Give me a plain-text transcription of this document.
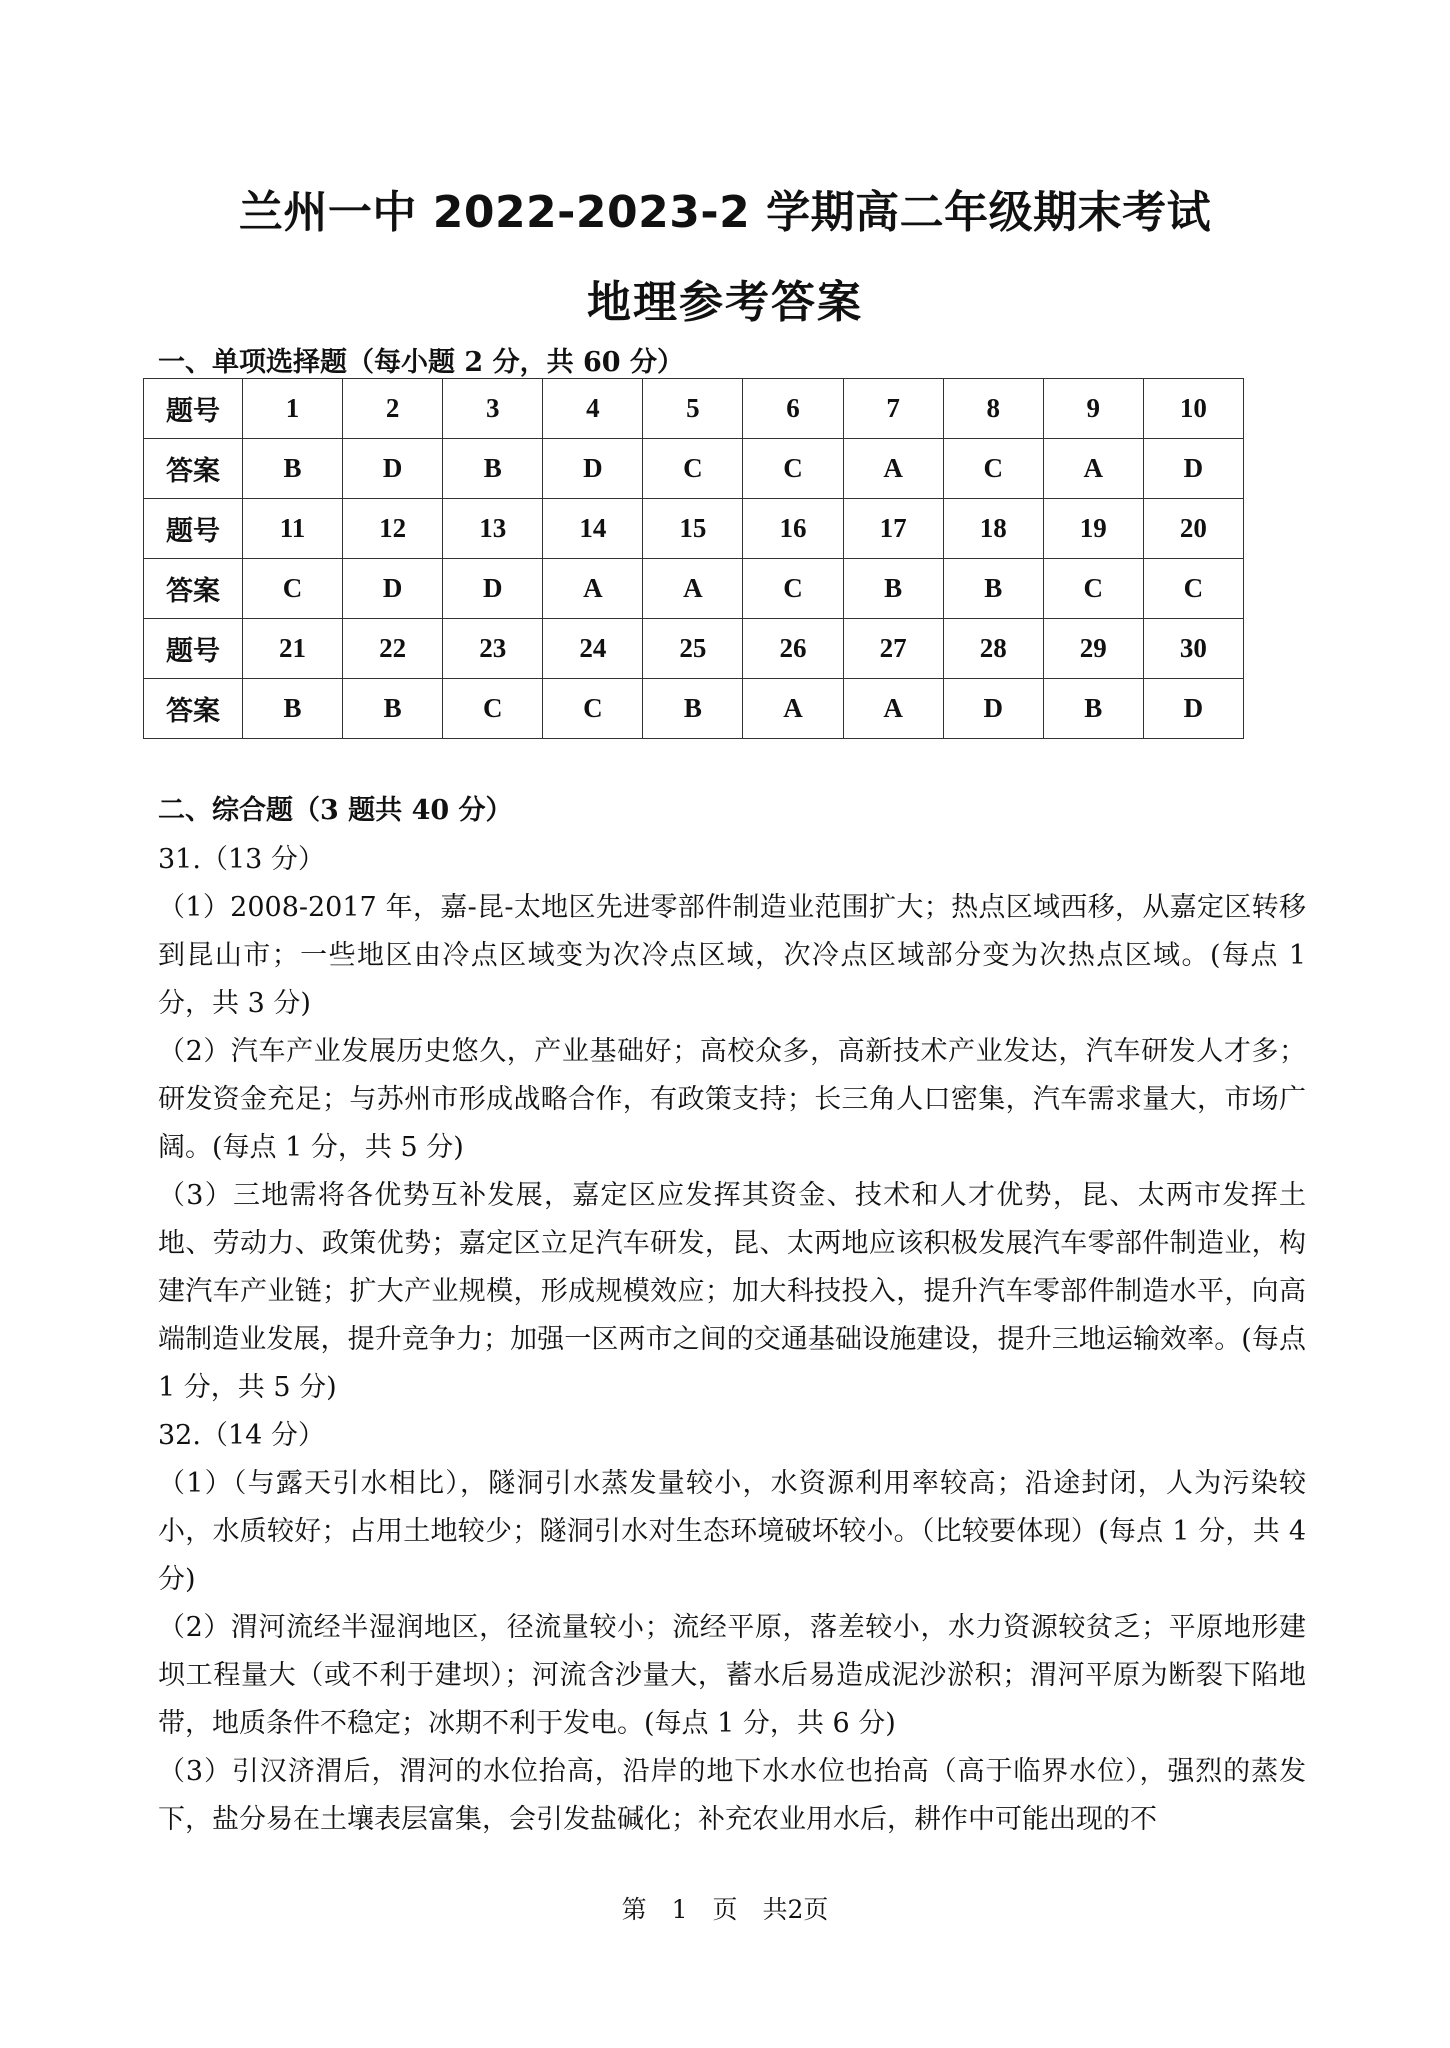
兰州一中 2022-2023-2 学期高二年级期末考试
地理参考答案
一、单项选择题（每小题 2 分，共 60 分）
题号	1	2	3	4	5	6	7	8	9	10
答案	B	D	B	D	C	C	A	C	A	D
题号	11	12	13	14	15	16	17	18	19	20
答案	C	D	D	A	A	C	B	B	C	C
题号	21	22	23	24	25	26	27	28	29	30
答案	B	B	C	C	B	A	A	D	B	D
二、综合题（3 题共 40 分）

31.（13 分）

（1）2008-2017 年，嘉-昆-太地区先进零部件制造业范围扩大；热点区域西移，从嘉定区转移到昆山市；一些地区由冷点区域变为次冷点区域，次冷点区域部分变为次热点区域。(每点 1 分，共 3 分)

（2）汽车产业发展历史悠久，产业基础好；高校众多，高新技术产业发达，汽车研发人才多；研发资金充足；与苏州市形成战略合作，有政策支持；长三角人口密集，汽车需求量大，市场广阔。(每点 1 分，共 5 分)

（3）三地需将各优势互补发展，嘉定区应发挥其资金、技术和人才优势，昆、太两市发挥土地、劳动力、政策优势；嘉定区立足汽车研发，昆、太两地应该积极发展汽车零部件制造业，构建汽车产业链；扩大产业规模，形成规模效应；加大科技投入，提升汽车零部件制造水平，向高端制造业发展，提升竞争力；加强一区两市之间的交通基础设施建设，提升三地运输效率。(每点 1 分，共 5 分)

32.（14 分）

（1）（与露天引水相比），隧洞引水蒸发量较小，水资源利用率较高；沿途封闭，人为污染较小，水质较好；占用土地较少；隧洞引水对生态环境破坏较小。（比较要体现）(每点 1 分，共 4 分)

（2）渭河流经半湿润地区，径流量较小；流经平原，落差较小，水力资源较贫乏；平原地形建坝工程量大（或不利于建坝）；河流含沙量大，蓄水后易造成泥沙淤积；渭河平原为断裂下陷地带，地质条件不稳定；冰期不利于发电。(每点 1 分，共 6 分)

（3）引汉济渭后，渭河的水位抬高，沿岸的地下水水位也抬高（高于临界水位），强烈的蒸发下，盐分易在土壤表层富集，会引发盐碱化；补充农业用水后，耕作中可能出现的不

第　1　页　共2页
